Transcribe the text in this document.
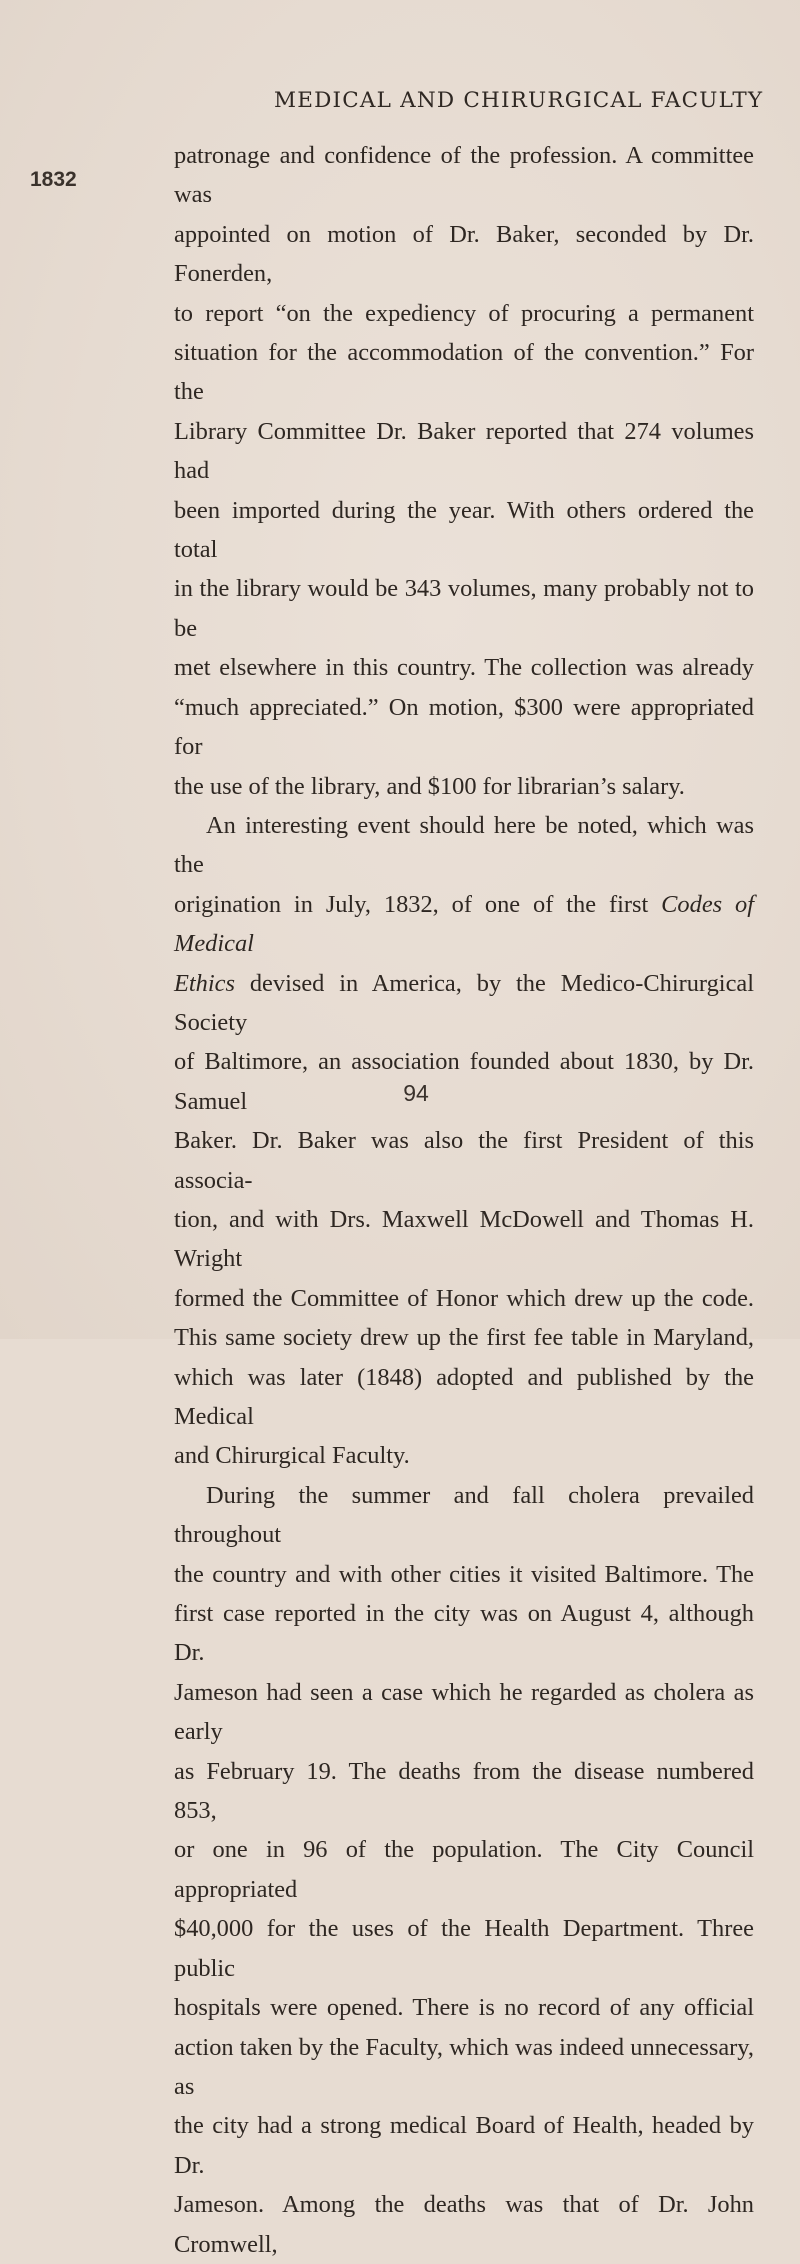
MEDICAL AND CHIRURGICAL FACULTY
1832

patronage and confidence of the profession. A committee was

appointed on motion of Dr. Baker, seconded by Dr. Fonerden,

to report “on the expediency of procuring a permanent

situation for the accommodation of the convention.” For the

Library Committee Dr. Baker reported that 274 volumes had

been imported during the year. With others ordered the total

in the library would be 343 volumes, many probably not to be

met elsewhere in this country. The collection was already

“much appreciated.” On motion, $300 were appropriated for

the use of the library, and $100 for librarian’s salary.

An interesting event should here be noted, which was the

origination in July, 1832, of one of the first Codes of Medical

Ethics devised in America, by the Medico-Chirurgical Society

of Baltimore, an association founded about 1830, by Dr. Samuel

Baker. Dr. Baker was also the first President of this associa-

tion, and with Drs. Maxwell McDowell and Thomas H. Wright

formed the Committee of Honor which drew up the code.

This same society drew up the first fee table in Maryland,

which was later (1848) adopted and published by the Medical

and Chirurgical Faculty.

During the summer and fall cholera prevailed throughout

the country and with other cities it visited Baltimore. The

first case reported in the city was on August 4, although Dr.

Jameson had seen a case which he regarded as cholera as early

as February 19. The deaths from the disease numbered 853,

or one in 96 of the population. The City Council appropriated

$40,000 for the uses of the Health Department. Three public

hospitals were opened. There is no record of any official

action taken by the Faculty, which was indeed unnecessary, as

the city had a strong medical Board of Health, headed by Dr.

Jameson. Among the deaths was that of Dr. John Cromwell,

94
